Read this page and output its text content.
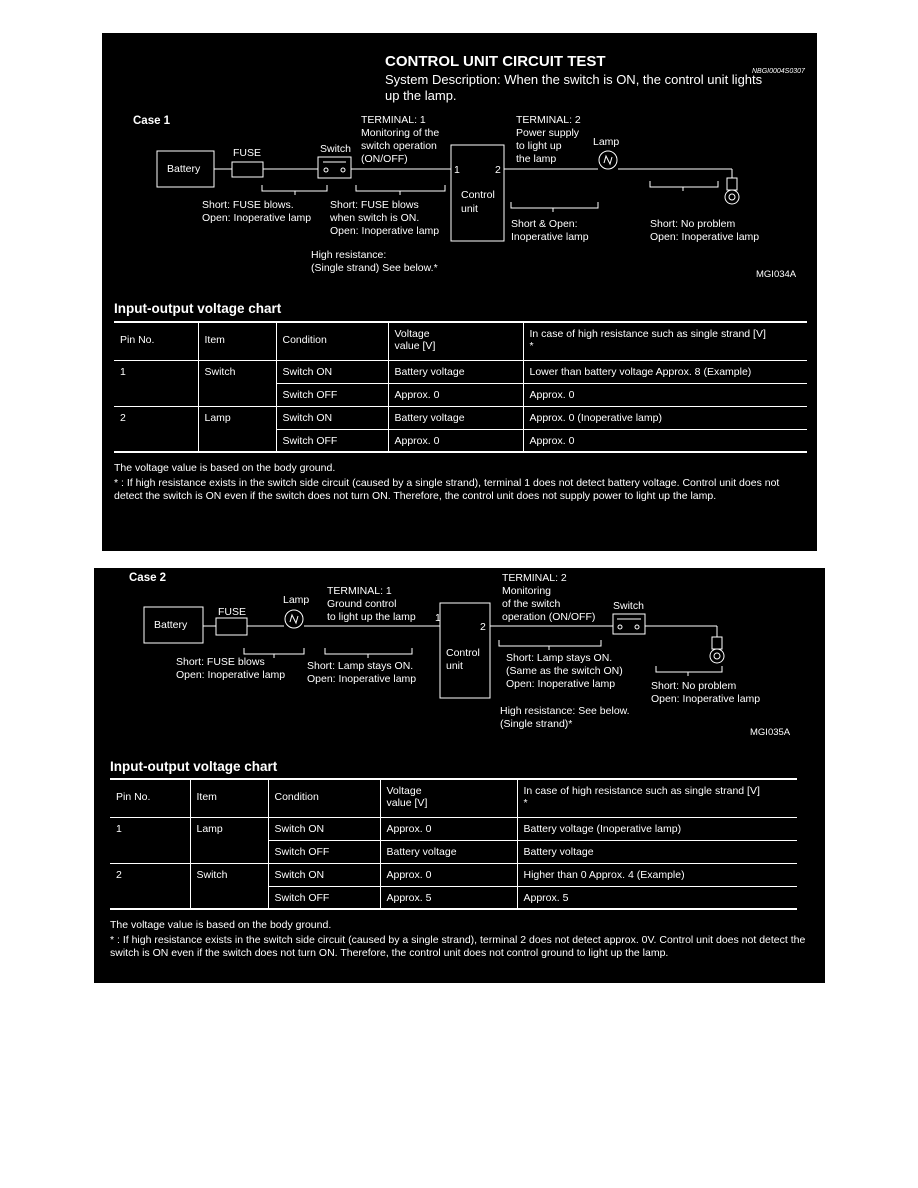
CONTROL UNIT CIRCUIT TEST
NBGI0004S0307
System Description: When the switch is ON, the control unit lights
up the lamp.
Case 1
Battery
FUSE	Switch
Lamp
1	2
Control
unit
TERMINAL: 1
Monitoring of the
switch operation
(ON/OFF)
TERMINAL: 2
Power supply
to light up
the lamp
Short: FUSE blows.
Open: Inoperative lamp
Short: FUSE blows
when switch is ON.
Open: Inoperative lamp
Short & Open:
Inoperative lamp
Short: No problem
Open: Inoperative lamp
High resistance:
(Single strand) See below.*
MGI034A
Input-output voltage chart
Pin No.	Item	Condition	Voltage
value [V]	In case of high resistance such as single strand [V]
*
1	Switch	Switch ON	Battery voltage	Lower than battery voltage Approx. 8 (Example)
		Switch OFF	Approx. 0	Approx. 0
2	Lamp	Switch ON	Battery voltage	Approx. 0 (Inoperative lamp)
		Switch OFF	Approx. 0	Approx. 0
The voltage value is based on the body ground.
* : If high resistance exists in the switch side circuit (caused by a single strand), terminal 1 does not detect battery voltage. Control unit does not detect the switch is ON even if the switch does not turn ON. Therefore, the control unit does not supply power to light up the lamp.
Case 2
Battery
FUSE
Lamp	Switch
1
2
Control
unit
TERMINAL: 1
Ground control
to light up the lamp
TERMINAL: 2
Monitoring
of the switch
operation (ON/OFF)
Short: FUSE blows
Open: Inoperative lamp
Short: Lamp stays ON.
Open: Inoperative lamp
Short: Lamp stays ON.
(Same as the switch ON)
Open: Inoperative lamp	Short: No problem
Open: Inoperative lamp
High resistance: See below.
(Single strand)*
MGI035A
Input-output voltage chart
Pin No.	Item	Condition	Voltage
value [V]	In case of high resistance such as single strand [V]
*
1	Lamp	Switch ON	Approx. 0	Battery voltage (Inoperative lamp)
		Switch OFF	Battery voltage	Battery voltage
2	Switch	Switch ON	Approx. 0	Higher than 0 Approx. 4 (Example)
		Switch OFF	Approx. 5	Approx. 5
The voltage value is based on the body ground.
* : If high resistance exists in the switch side circuit (caused by a single strand), terminal 2 does not detect approx. 0V. Control unit does not detect the switch is ON even if the switch does not turn ON. Therefore, the control unit does not control ground to light up the lamp.
